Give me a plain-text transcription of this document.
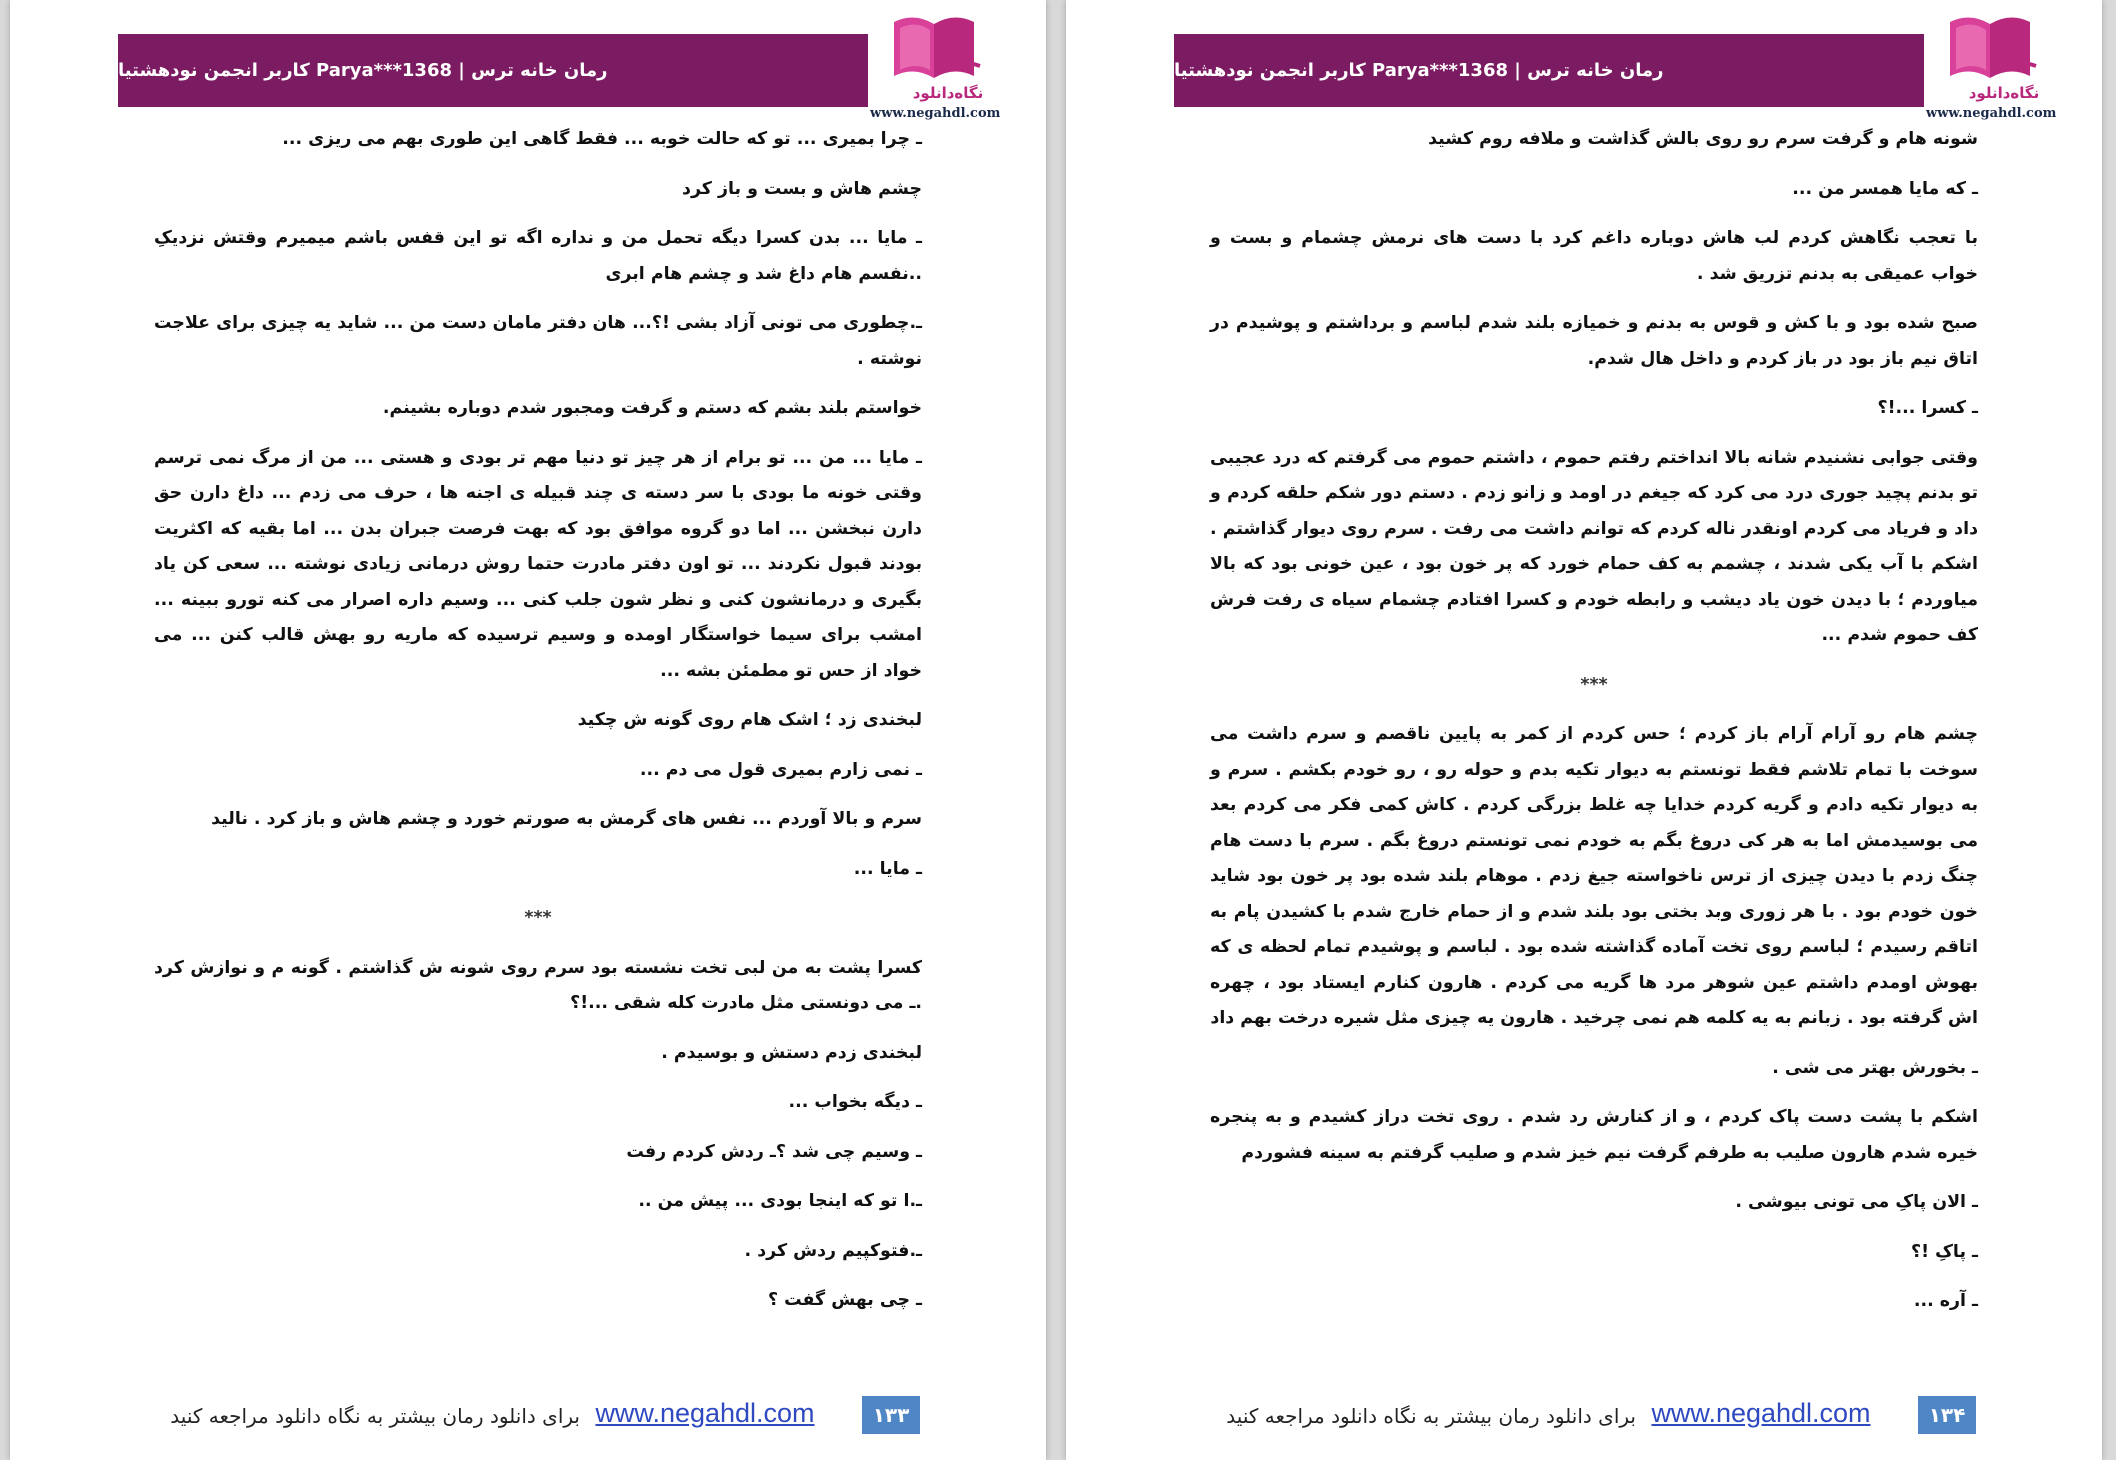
رمان خانه ترس | Parya***1368 کاربر انجمن نودهشتیا
نگاه‌دانلود
www.negahdl.com

ـ چرا بمیری ... تو که حالت خوبه ... فقط گاهی این طوری بهم می ریزی ...

چشم هاش و بست و باز کرد

ـ مایا ... بدن کسرا دیگه تحمل من و نداره اگه تو این قفس باشم میمیرم وقتش نزدیکِ ..نفسم هام داغ شد و چشم هام ابری

ـ.چطوری می تونی آزاد بشی !؟... هان دفتر مامان دست من ... شاید یه چیزی برای علاجت نوشته .

خواستم بلند بشم که دستم و گرفت ومجبور شدم دوباره بشینم.

ـ مایا ... من ... تو برام از هر چیز تو دنیا مهم تر بودی و هستی ... من از مرگ نمی ترسم وقتی خونه ما بودی با سر دسته ی چند قبیله ی اجنه ها ، حرف می زدم ... داغ دارن حق دارن نبخشن ... اما دو گروه موافق بود که بهت فرصت جبران بدن ... اما بقیه که اکثریت بودند قبول نکردند ... تو اون دفتر مادرت حتما روش درمانی زیادی نوشته ... سعی کن یاد بگیری و درمانشون کنی و نظر شون جلب کنی ... وسیم داره اصرار می کنه تورو ببینه ... امشب برای سیما خواستگار اومده و وسیم ترسیده که ماریه رو بهش قالب کنن ... می خواد از حس تو مطمئن بشه ...

لبخندی زد ؛ اشک هام روی گونه ش چکید

ـ نمی زارم بمیری قول می دم ...

سرم و بالا آوردم ... نفس های گرمش به صورتم خورد و چشم هاش و باز کرد . نالید

ـ مایا ...

***

کسرا پشت به من لبی تخت نشسته بود سرم روی شونه ش گذاشتم . گونه م و نوازش کرد .ـ می دونستی مثل مادرت کله شقی ...!؟

لبخندی زدم دستش و بوسیدم .

ـ دیگه بخواب ...

ـ وسیم چی شد ؟ـ ردش کردم رفت

ـ.ا تو که اینجا بودی ... پیش من ..

ـ.فتوکپیم ردش کرد .

ـ چی بهش گفت ؟

۱۳۳
www.negahdl.com
برای دانلود رمان بیشتر به نگاه دانلود مراجعه کنید
رمان خانه ترس | Parya***1368 کاربر انجمن نودهشتیا
نگاه‌دانلود
www.negahdl.com

شونه هام و گرفت سرم رو روی بالش گذاشت و ملافه روم کشید

ـ که مایا همسر من ...

با تعجب نگاهش کردم لب هاش دوباره داغم کرد با دست های نرمش چشمام و بست و خواب عمیقی به بدنم تزریق شد .

صبح شده بود و با کش و قوس به بدنم و خمیازه بلند شدم لباسم و برداشتم و پوشیدم در اتاق نیم باز بود در باز کردم و داخل هال شدم.

ـ کسرا ...!؟

وقتی جوابی نشنیدم شانه بالا انداختم رفتم حموم ، داشتم حموم می گرفتم که درد عجیبی تو بدنم پچید جوری درد می کرد که جیغم در اومد و زانو زدم . دستم دور شکم حلقه کردم و داد و فریاد می کردم اونقدر ناله کردم که توانم داشت می رفت . سرم روی دیوار گذاشتم . اشکم با آب یکی شدند ، چشمم به کف حمام خورد که پر خون بود ، عین خونی بود که بالا میاوردم ؛ با دیدن خون یاد دیشب و رابطه خودم و کسرا افتادم چشمام سیاه ی رفت فرش کف حموم شدم ...

***

چشم هام رو آرام آرام باز کردم ؛ حس کردم از کمر به پایین ناقصم و سرم داشت می سوخت با تمام تلاشم فقط تونستم به دیوار تکیه بدم و حوله رو ، رو خودم بکشم . سرم و به دیوار تکیه دادم و گریه کردم خدایا چه غلط بزرگی کردم . کاش کمی فکر می کردم بعد می بوسیدمش اما به هر کی دروغ بگم به خودم نمی تونستم دروغ بگم . سرم با دست هام چنگ زدم با دیدن چیزی از ترس ناخواسته جیغ زدم . موهام بلند شده بود پر خون بود شاید خون خودم بود . با هر زوری وبد بختی بود بلند شدم و از حمام خارج شدم با کشیدن پام به اتاقم رسیدم ؛ لباسم روی تخت آماده گذاشته شده بود . لباسم و پوشیدم تمام لحظه ی که بهوش اومدم داشتم عین شوهر مرد ها گریه می کردم . هارون کنارم ایستاد بود ، چهره اش گرفته بود . زبانم به یه کلمه هم نمی چرخید . هارون یه چیزی مثل شیره درخت بهم داد

ـ بخورش بهتر می شی .

اشکم با پشت دست پاک کردم ، و از کنارش رد شدم . روی تخت دراز کشیدم و به پنجره خیره شدم هارون صلیب به طرفم گرفت نیم خیز شدم و صلیب گرفتم به سینه فشوردم

ـ الان پاکِ می تونی بیوشی .

ـ پاکِ !؟

ـ آره ...

۱۳۴
www.negahdl.com
برای دانلود رمان بیشتر به نگاه دانلود مراجعه کنید
